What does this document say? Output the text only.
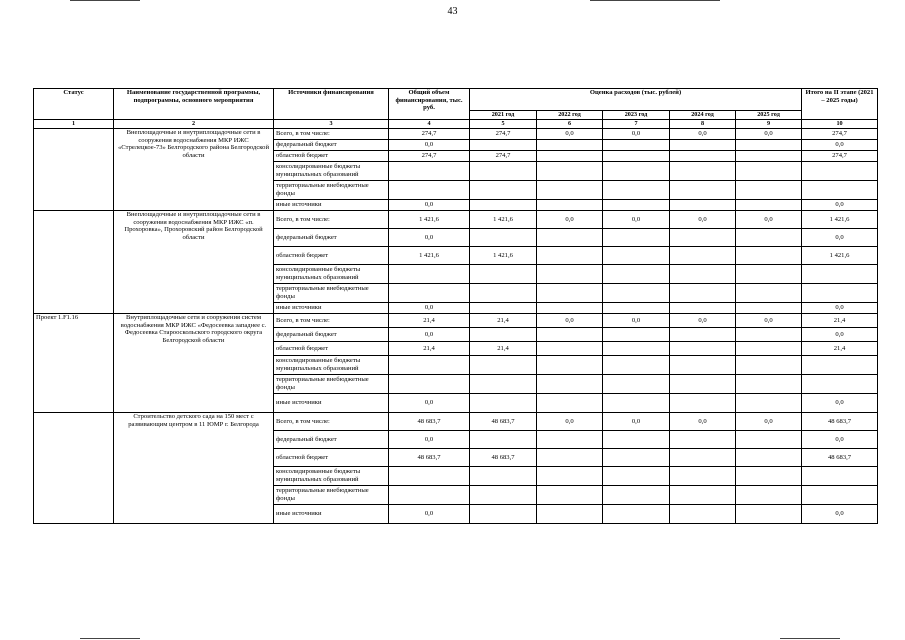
43
Статус	Наименование государственной программы, подпрограммы, основного мероприятия	Источники финансирования	Общий объем финансирования, тыс. руб.	Оценка расходов (тыс. рублей)					Итого на II этапе (2021 – 2025 годы)
				2021 год	2022 год	2023 год	2024 год	2025 год	
1	2	3	4	5	6	7	8	9	10
	Внеплощадочные и внутриплощадочные сети в сооружения водоснабжения МКР ИЖС «Стрелецкое-73» Белгородского района Белгородской области	Всего, в том числе:	274,7	274,7	0,0	0,0	0,0	0,0	274,7
		федеральный бюджет	0,0						0,0
		областной бюджет	274,7	274,7					274,7
		консолидированные бюджеты муниципальных образований							
		территориальные внебюджетные фонды							
		иные источники	0,0						0,0
	Внеплощадочные и внутриплощадочные сети в сооружения водоснабжения МКР ИЖС «п. Прохоровка», Прохоровский район Белгородской области	Всего, в том числе:	1 421,6	1 421,6	0,0	0,0	0,0	0,0	1 421,6
		федеральный бюджет	0,0						0,0
		областной бюджет	1 421,6	1 421,6					1 421,6
		консолидированные бюджеты муниципальных образований							
		территориальные внебюджетные фонды							
		иные источники	0,0						0,0
Проект 1.F1.16	Внутриплощадочные сети и сооружения систем водоснабжения МКР ИЖС «Федосеевка западнее с. Федосеевка Старооскольского городского округа Белгородской области	Всего, в том числе:	21,4	21,4	0,0	0,0	0,0	0,0	21,4
		федеральный бюджет	0,0						0,0
		областной бюджет	21,4	21,4					21,4
		консолидированные бюджеты муниципальных образований							
		территориальные внебюджетные фонды							
		иные источники	0,0						0,0
	Строительство детского сада на 150 мест с развивающим центром в 11 ЮМР г. Белгорода	Всего, в том числе:	48 683,7	48 683,7	0,0	0,0	0,0	0,0	48 683,7
		федеральный бюджет	0,0						0,0
		областной бюджет	48 683,7	48 683,7					48 683,7
		консолидированные бюджеты муниципальных образований							
		территориальные внебюджетные фонды							
		иные источники	0,0						0,0
